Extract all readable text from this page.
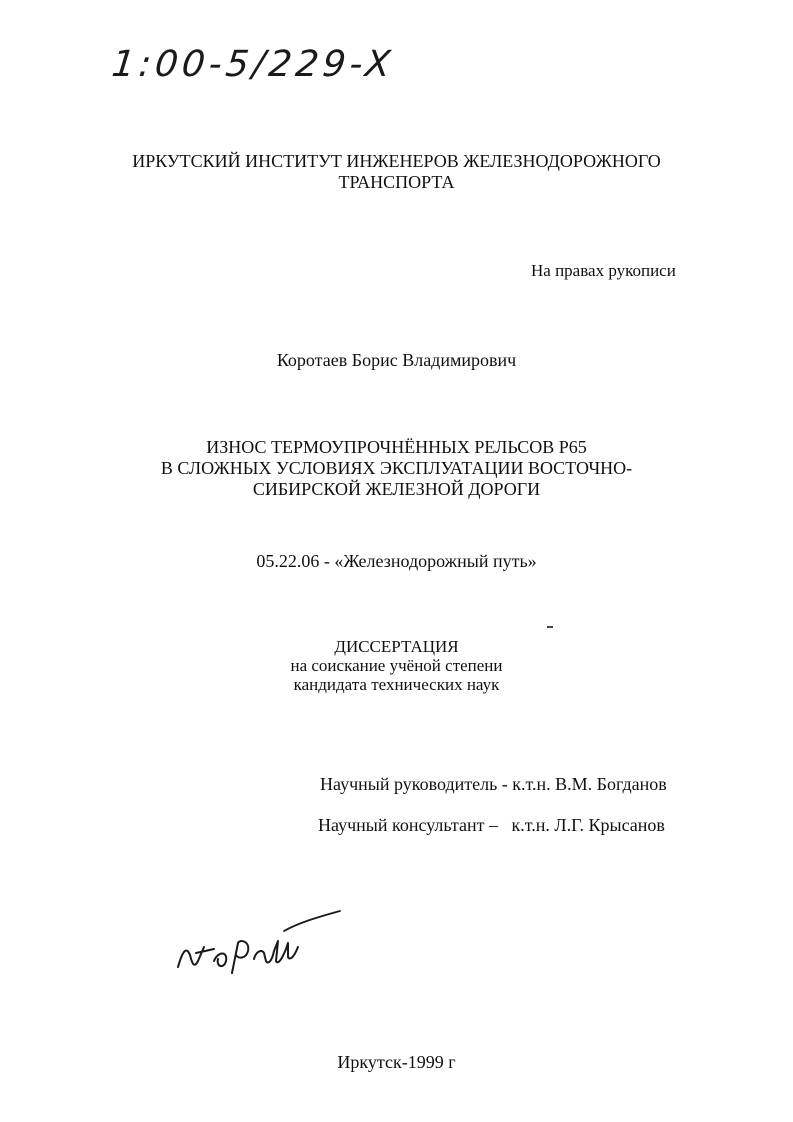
1:00-5/229-X
ИРКУТСКИЙ ИНСТИТУТ ИНЖЕНЕРОВ ЖЕЛЕЗНОДОРОЖНОГО
ТРАНСПОРТА
На правах рукописи
Коротаев Борис Владимирович
ИЗНОС ТЕРМОУПРОЧНЁННЫХ РЕЛЬСОВ Р65
В СЛОЖНЫХ УСЛОВИЯХ ЭКСПЛУАТАЦИИ ВОСТОЧНО-
СИБИРСКОЙ ЖЕЛЕЗНОЙ ДОРОГИ
05.22.06 - «Железнодорожный путь»
ДИССЕРТАЦИЯ
на соискание учёной степени
кандидата технических наук
Научный руководитель - к.т.н. В.М. Богданов
Научный консультант –   к.т.н. Л.Г. Крысанов
Иркутск-1999 г
